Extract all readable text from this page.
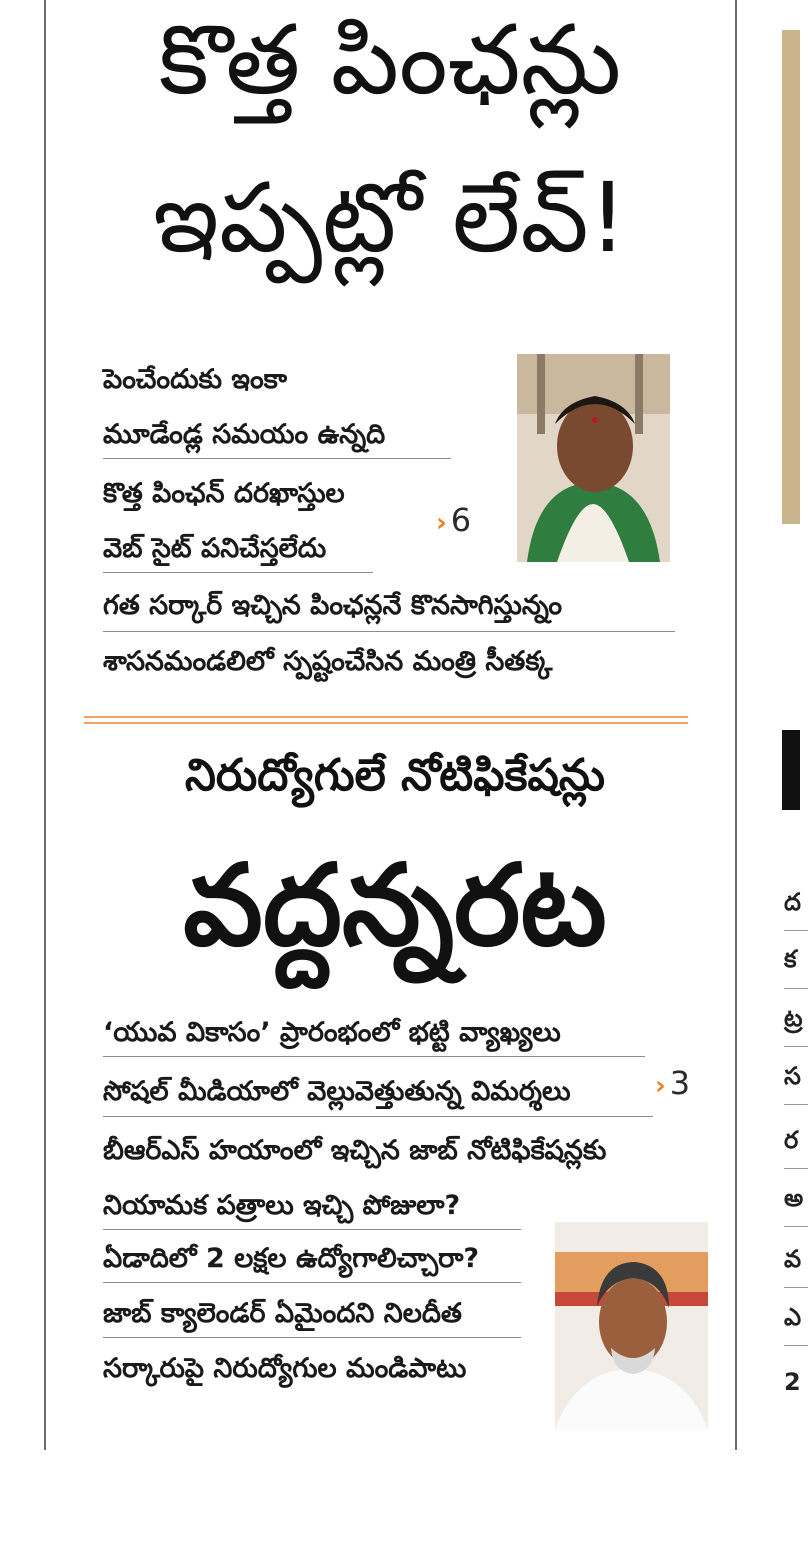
కొత్త పింఛన్లు
ఇప్పట్లో లేవ్!
పెంచేందుకు ఇంకా
మూడేండ్ల సమయం ఉన్నది
కొత్త పింఛన్ దరఖాస్తుల
వెబ్ సైట్ పనిచేస్తలేదు
› 6
గత సర్కార్ ఇచ్చిన పింఛన్లనే కొనసాగిస్తున్నం
శాసనమండలిలో స్పష్టంచేసిన మంత్రి సీతక్క
నిరుద్యోగులే నోటిఫికేషన్లు
వద్దన్నరట
‘యువ వికాసం’ ప్రారంభంలో భట్టి వ్యాఖ్యలు
› 3
సోషల్ మీడియాలో వెల్లువెత్తుతున్న విమర్శలు
బీఆర్ఎస్ హయాంలో ఇచ్చిన జాబ్ నోటిఫికేషన్లకు
నియామక పత్రాలు ఇచ్చి పోజులా?
ఏడాదిలో 2 లక్షల ఉద్యోగాలిచ్చారా?
జాబ్ క్యాలెండర్ ఏమైందని నిలదీత
సర్కారుపై నిరుద్యోగుల మండిపాటు
ద
క
ట్ర
స
ర
అ
వ
ఎ
2
